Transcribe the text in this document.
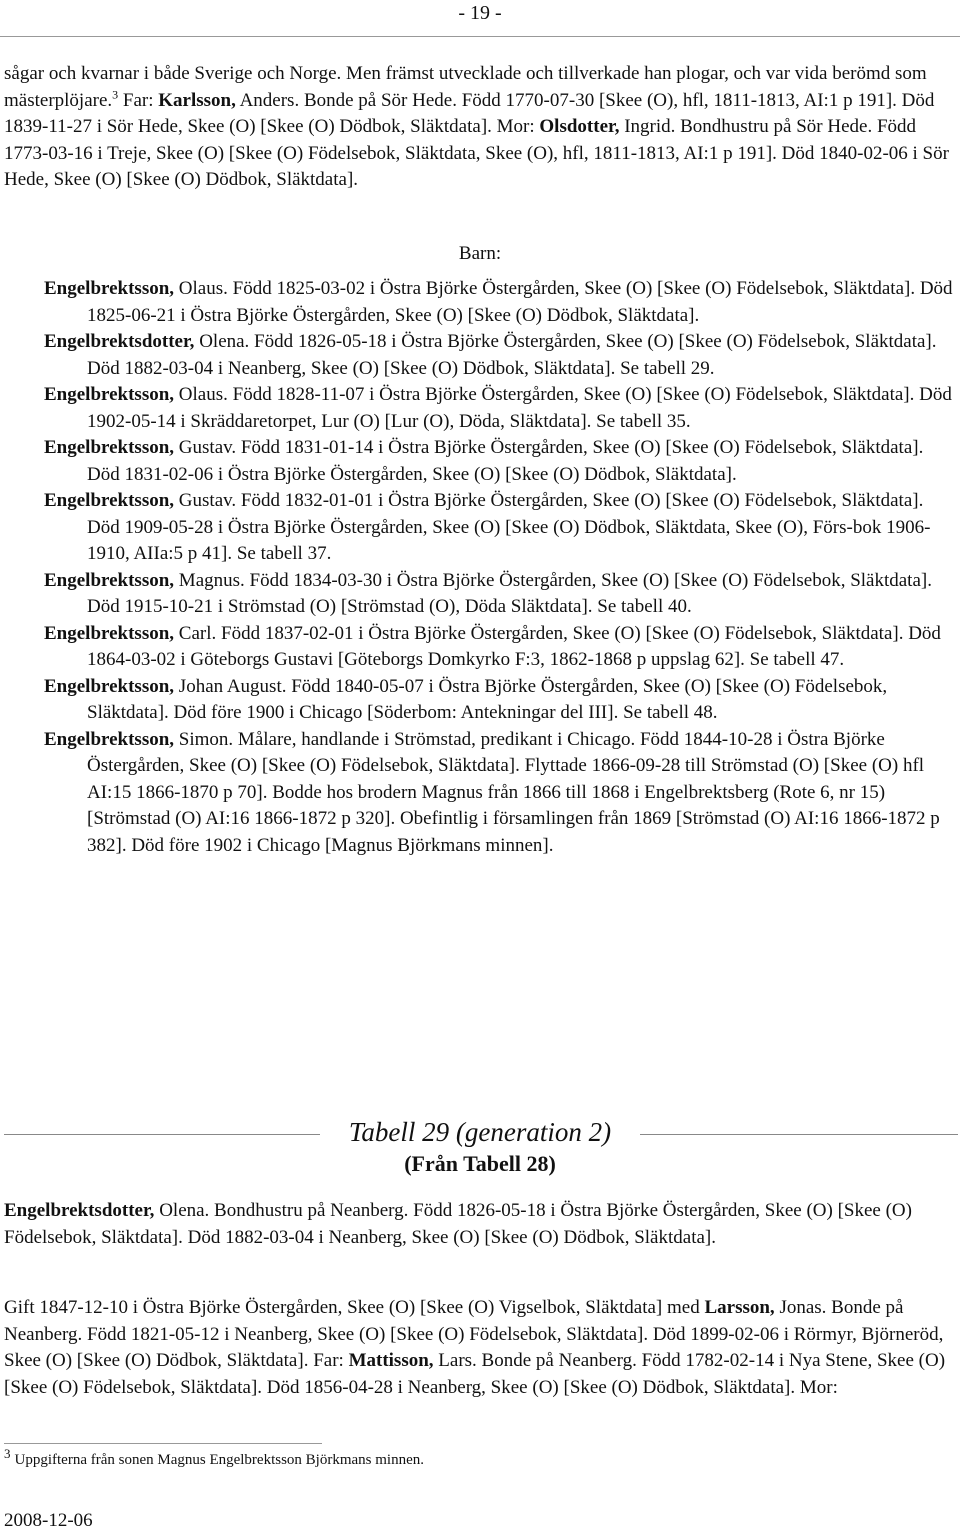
- 19 -

sågar och kvarnar i både Sverige och Norge. Men främst utvecklade och tillverkade han plogar, och var vida berömd som mästerplöjare.$^3$ Far: Karlsson, Anders. Bonde på Sör Hede. Född 1770-07-30 [Skee (O), hfl, 1811-1813, AI:1 p 191]. Död 1839-11-27 i Sör Hede, Skee (O) [Skee (O) Dödbok, Släktdata]. Mor: Olsdotter, Ingrid. Bondhustru på Sör Hede. Född 1773-03-16 i Treje, Skee (O) [Skee (O) Födelsebok, Släktdata, Skee (O), hfl, 1811-1813, AI:1 p 191]. Död 1840-02-06 i Sör Hede, Skee (O) [Skee (O) Dödbok, Släktdata].

Barn:
Engelbrektsson, Olaus. Född 1825-03-02 i Östra Björke Östergården, Skee (O) [Skee (O) Födelsebok, Släktdata]. Död 1825-06-21 i Östra Björke Östergården, Skee (O) [Skee (O) Dödbok, Släktdata].
Engelbrektsdotter, Olena. Född 1826-05-18 i Östra Björke Östergården, Skee (O) [Skee (O) Födelsebok, Släktdata]. Död 1882-03-04 i Neanberg, Skee (O) [Skee (O) Dödbok, Släktdata]. Se tabell 29.
Engelbrektsson, Olaus. Född 1828-11-07 i Östra Björke Östergården, Skee (O) [Skee (O) Födelsebok, Släktdata]. Död 1902-05-14 i Skräddaretorpet, Lur (O) [Lur (O), Döda, Släktdata]. Se tabell 35.
Engelbrektsson, Gustav. Född 1831-01-14 i Östra Björke Östergården, Skee (O) [Skee (O) Födelsebok, Släktdata]. Död 1831-02-06 i Östra Björke Östergården, Skee (O) [Skee (O) Dödbok, Släktdata].
Engelbrektsson, Gustav. Född 1832-01-01 i Östra Björke Östergården, Skee (O) [Skee (O) Födelsebok, Släktdata]. Död 1909-05-28 i Östra Björke Östergården, Skee (O) [Skee (O) Dödbok, Släktdata, Skee (O), Förs-bok 1906-1910, AIIa:5 p 41]. Se tabell 37.
Engelbrektsson, Magnus. Född 1834-03-30 i Östra Björke Östergården, Skee (O) [Skee (O) Födelsebok, Släktdata]. Död 1915-10-21 i Strömstad (O) [Strömstad (O), Döda Släktdata]. Se tabell 40.
Engelbrektsson, Carl. Född 1837-02-01 i Östra Björke Östergården, Skee (O) [Skee (O) Födelsebok, Släktdata]. Död 1864-03-02 i Göteborgs Gustavi [Göteborgs Domkyrko F:3, 1862-1868 p uppslag 62]. Se tabell 47.
Engelbrektsson, Johan August. Född 1840-05-07 i Östra Björke Östergården, Skee (O) [Skee (O) Födelsebok, Släktdata]. Död före 1900 i Chicago [Söderbom: Antekningar del III]. Se tabell 48.
Engelbrektsson, Simon. Målare, handlande i Strömstad, predikant i Chicago. Född 1844-10-28 i Östra Björke Östergården, Skee (O) [Skee (O) Födelsebok, Släktdata]. Flyttade 1866-09-28 till Strömstad (O) [Skee (O) hfl AI:15 1866-1870 p 70]. Bodde hos brodern Magnus från 1866 till 1868 i Engelbrektsberg (Rote 6, nr 15) [Strömstad (O) AI:16 1866-1872 p 320]. Obefintlig i församlingen från 1869 [Strömstad (O) AI:16 1866-1872 p 382]. Död före 1902 i Chicago [Magnus Björkmans minnen].
Tabell 29 (generation 2)
(Från Tabell 28)

Engelbrektsdotter, Olena. Bondhustru på Neanberg. Född 1826-05-18 i Östra Björke Östergården, Skee (O) [Skee (O) Födelsebok, Släktdata]. Död 1882-03-04 i Neanberg, Skee (O) [Skee (O) Dödbok, Släktdata].

Gift 1847-12-10 i Östra Björke Östergården, Skee (O) [Skee (O) Vigselbok, Släktdata] med Larsson, Jonas. Bonde på Neanberg. Född 1821-05-12 i Neanberg, Skee (O) [Skee (O) Födelsebok, Släktdata]. Död 1899-02-06 i Rörmyr, Björneröd, Skee (O) [Skee (O) Dödbok, Släktdata]. Far: Mattisson, Lars. Bonde på Neanberg. Född 1782-02-14 i Nya Stene, Skee (O) [Skee (O) Födelsebok, Släktdata]. Död 1856-04-28 i Neanberg, Skee (O) [Skee (O) Dödbok, Släktdata]. Mor:

3 Uppgifterna från sonen Magnus Engelbrektsson Björkmans minnen.
2008-12-06
